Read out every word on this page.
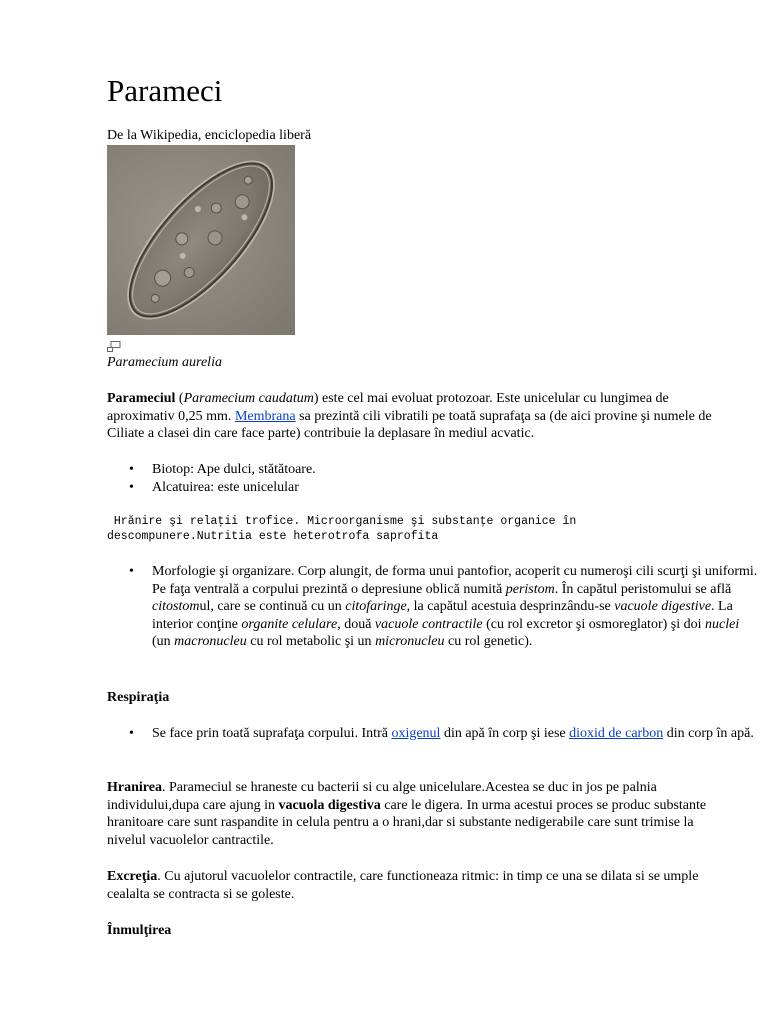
Parameci
De la Wikipedia, enciclopedia liberă
Paramecium aurelia

Parameciul (Paramecium caudatum) este cel mai evoluat protozoar. Este unicelular cu lungimea de aproximativ 0,25 mm. Membrana sa prezintă cili vibratili pe toată suprafaţa sa (de aici provine şi numele de Ciliate a clasei din care face parte) contribuie la deplasare în mediul acvatic.

• Biotop: Ape dulci, stătătoare.
• Alcatuirea: este unicelular
Hrănire şi relaţii trofice. Microorganisme şi substanţe organice în
descompunere.Nutritia este heterotrofa saprofita
• Morfologie şi organizare. Corp alungit, de forma unui pantofior, acoperit cu numeroşi cili scurţi şi uniformi. Pe faţa ventrală a corpului prezintă o depresiune oblică numită peristom. În capătul peristomului se află citostomul, care se continuă cu un citofaringe, la capătul acestuia desprinzându-se vacuole digestive. La interior conţine organite celulare, două vacuole contractile (cu rol excretor şi osmoreglator) şi doi nuclei (un macronucleu cu rol metabolic şi un micronucleu cu rol genetic).
Respiraţia
• Se face prin toată suprafaţa corpului. Intră oxigenul din apă în corp şi iese dioxid de carbon din corp în apă.

Hranirea. Parameciul se hraneste cu bacterii si cu alge unicelulare.Acestea se duc in jos pe palnia individului,dupa care ajung in vacuola digestiva care le digera. In urma acestui proces se produc substante hranitoare care sunt raspandite in celula pentru a o hrani,dar si substante nedigerabile care sunt trimise la nivelul vacuolelor cantractile.

Excreţia. Cu ajutorul vacuolelor contractile, care functioneaza ritmic: in timp ce una se dilata si se umple cealalta se contracta si se goleste.

Înmulţirea
